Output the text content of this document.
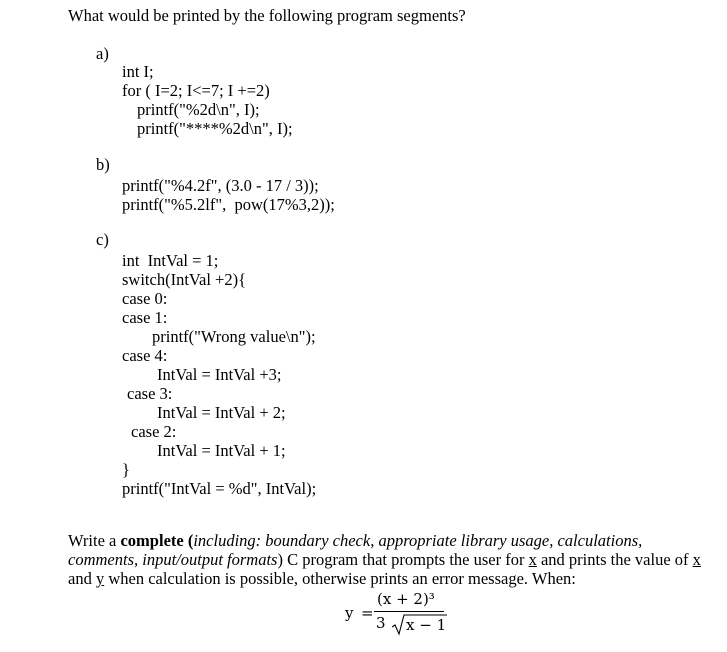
What would be printed by the following program segments?
a)
int I;
for ( I=2; I<=7; I +=2)
printf("%2d\n", I);
printf("****%2d\n", I);
b)
printf("%4.2f", (3.0 - 17 / 3));
printf("%5.2lf",  pow(17%3,2));
c)
int  IntVal = 1;
switch(IntVal +2){
case 0:
case 1:
printf("Wrong value\n");
case 4:
IntVal = IntVal +3;
case 3:
IntVal = IntVal + 2;
case 2:
IntVal = IntVal + 1;
}
printf("IntVal = %d", IntVal);
Write a complete (including: boundary check, appropriate library usage, calculations,
comments, input/output formats) C program that prompts the user for x and prints the value of x
and y when calculation is possible, otherwise prints an error message. When:
y =
(x + 2)³
3 x − 1
